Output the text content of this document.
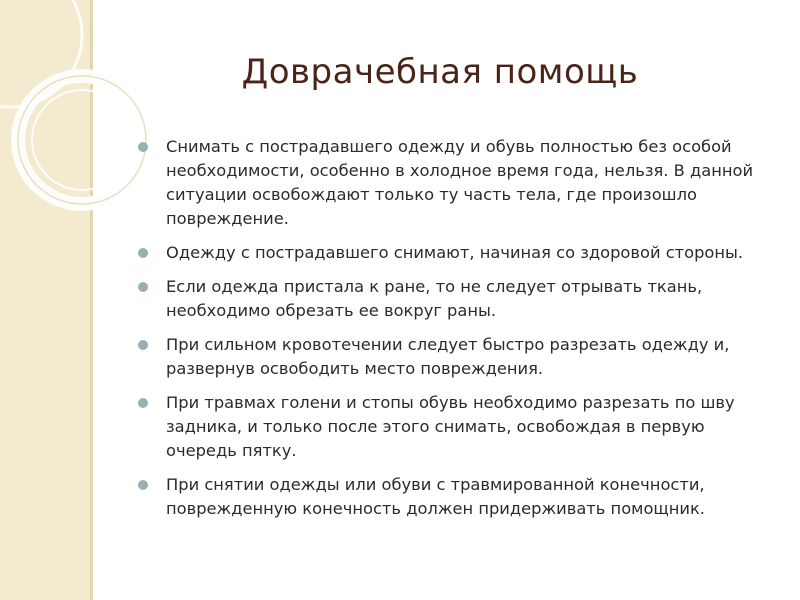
Доврачебная помощь
Снимать с пострадавшего одежду и обувь полностью без особой необходимости, особенно в холодное время года, нельзя. В данной ситуации освобождают только ту часть тела, где произошло повреждение.
Одежду с пострадавшего снимают, начиная со здоровой стороны.
Если одежда пристала к ране, то не следует отрывать ткань, необходимо обрезать ее вокруг раны.
При сильном кровотечении следует быстро разрезать одежду и, развернув освободить место повреждения.
При травмах голени и стопы обувь необходимо разрезать по шву задника, и только после этого снимать, освобождая в первую очередь пятку.
При снятии одежды или обуви с травмированной конечности, поврежденную конечность должен придерживать помощник.
